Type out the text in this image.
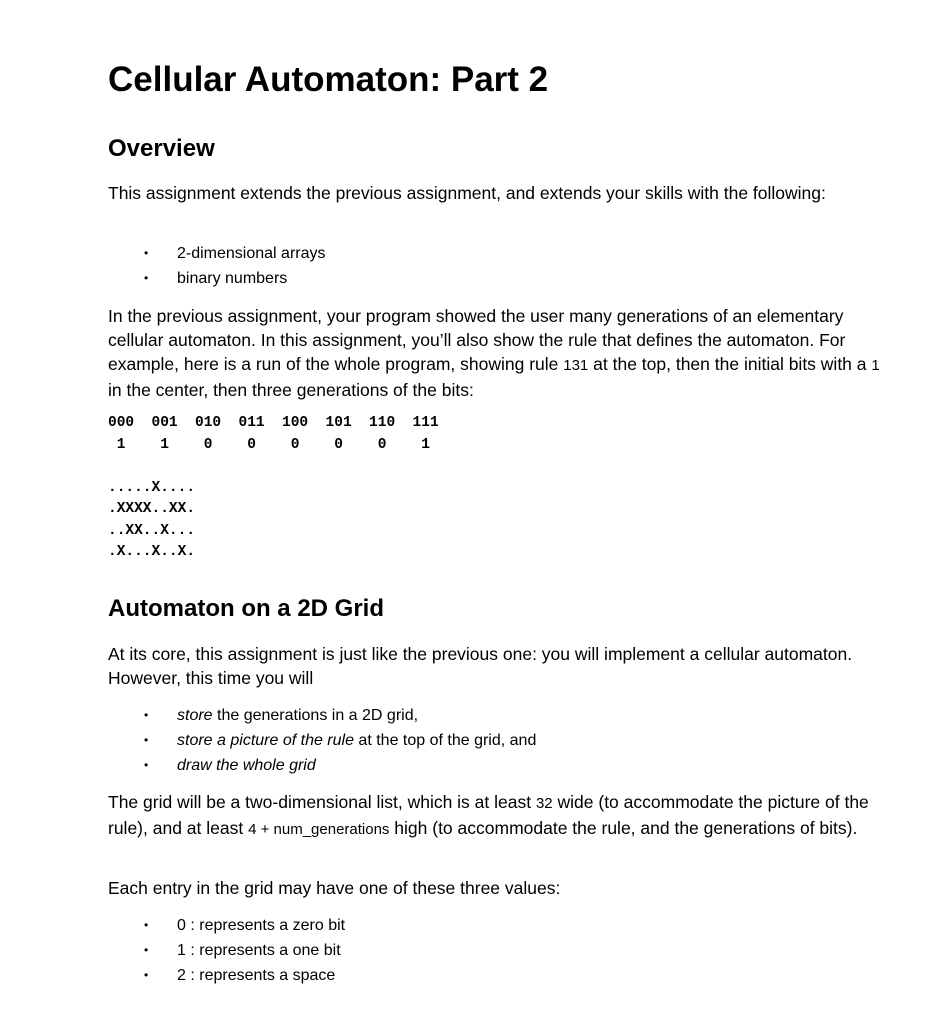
Cellular Automaton: Part 2
Overview

This assignment extends the previous assignment, and extends your skills with the following:

• 2-dimensional arrays
• binary numbers

In the previous assignment, your program showed the user many generations of an elementary cellular automaton. In this assignment, you’ll also show the rule that defines the automaton. For example, here is a run of the whole program, showing rule 131 at the top, then the initial bits with a 1 in the center, then three generations of the bits:

000  001  010  011  100  101  110  111
1    1    0    0    0    0    0    1

.....X....
.XXXX..XX.
..XX..X...
.X...X..X.
Automaton on a 2D Grid

At its core, this assignment is just like the previous one: you will implement a cellular automaton. However, this time you will

• store the generations in a 2D grid,
• store a picture of the rule at the top of the grid, and
• draw the whole grid

The grid will be a two-dimensional list, which is at least 32 wide (to accommodate the picture of the rule), and at least 4 + num_generations high (to accommodate the rule, and the generations of bits).

Each entry in the grid may have one of these three values:

• 0 : represents a zero bit
• 1 : represents a one bit
• 2 : represents a space
